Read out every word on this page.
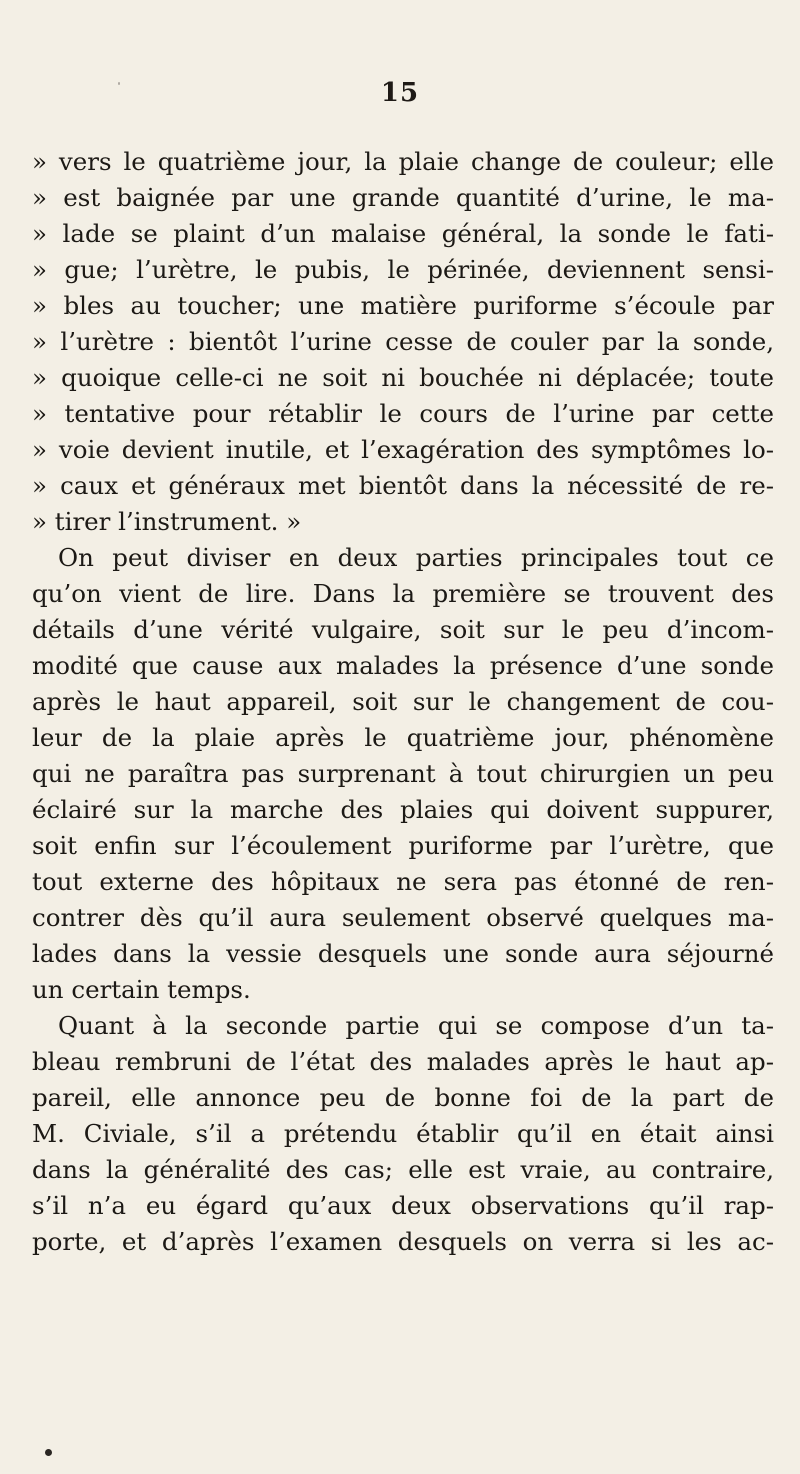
15
» vers le quatrième jour, la plaie change de couleur; elle
» est baignée par une grande quantité d’urine, le ma-
» lade se plaint d’un malaise général, la sonde le fati-
» gue; l’urètre, le pubis, le périnée, deviennent sensi-
» bles au toucher; une matière puriforme s’écoule par
» l’urètre : bientôt l’urine cesse de couler par la sonde,
» quoique celle-ci ne soit ni bouchée ni déplacée; toute
» tentative pour rétablir le cours de l’urine par cette
» voie devient inutile, et l’exagération des symptômes lo-
» caux et généraux met bientôt dans la nécessité de re-
» tirer l’instrument. »
On peut diviser en deux parties principales tout ce
qu’on vient de lire. Dans la première se trouvent des
détails d’une vérité vulgaire, soit sur le peu d’incom-
modité que cause aux malades la présence d’une sonde
après le haut appareil, soit sur le changement de cou-
leur de la plaie après le quatrième jour, phénomène
qui ne paraîtra pas surprenant à tout chirurgien un peu
éclairé sur la marche des plaies qui doivent suppurer,
soit enfin sur l’écoulement puriforme par l’urètre, que
tout externe des hôpitaux ne sera pas étonné de ren-
contrer dès qu’il aura seulement observé quelques ma-
lades dans la vessie desquels une sonde aura séjourné
un certain temps.
Quant à la seconde partie qui se compose d’un ta-
bleau rembruni de l’état des malades après le haut ap-
pareil, elle annonce peu de bonne foi de la part de
M. Civiale, s’il a prétendu établir qu’il en était ainsi
dans la généralité des cas; elle est vraie, au contraire,
s’il n’a eu égard qu’aux deux observations qu’il rap-
porte, et d’après l’examen desquels on verra si les ac-
